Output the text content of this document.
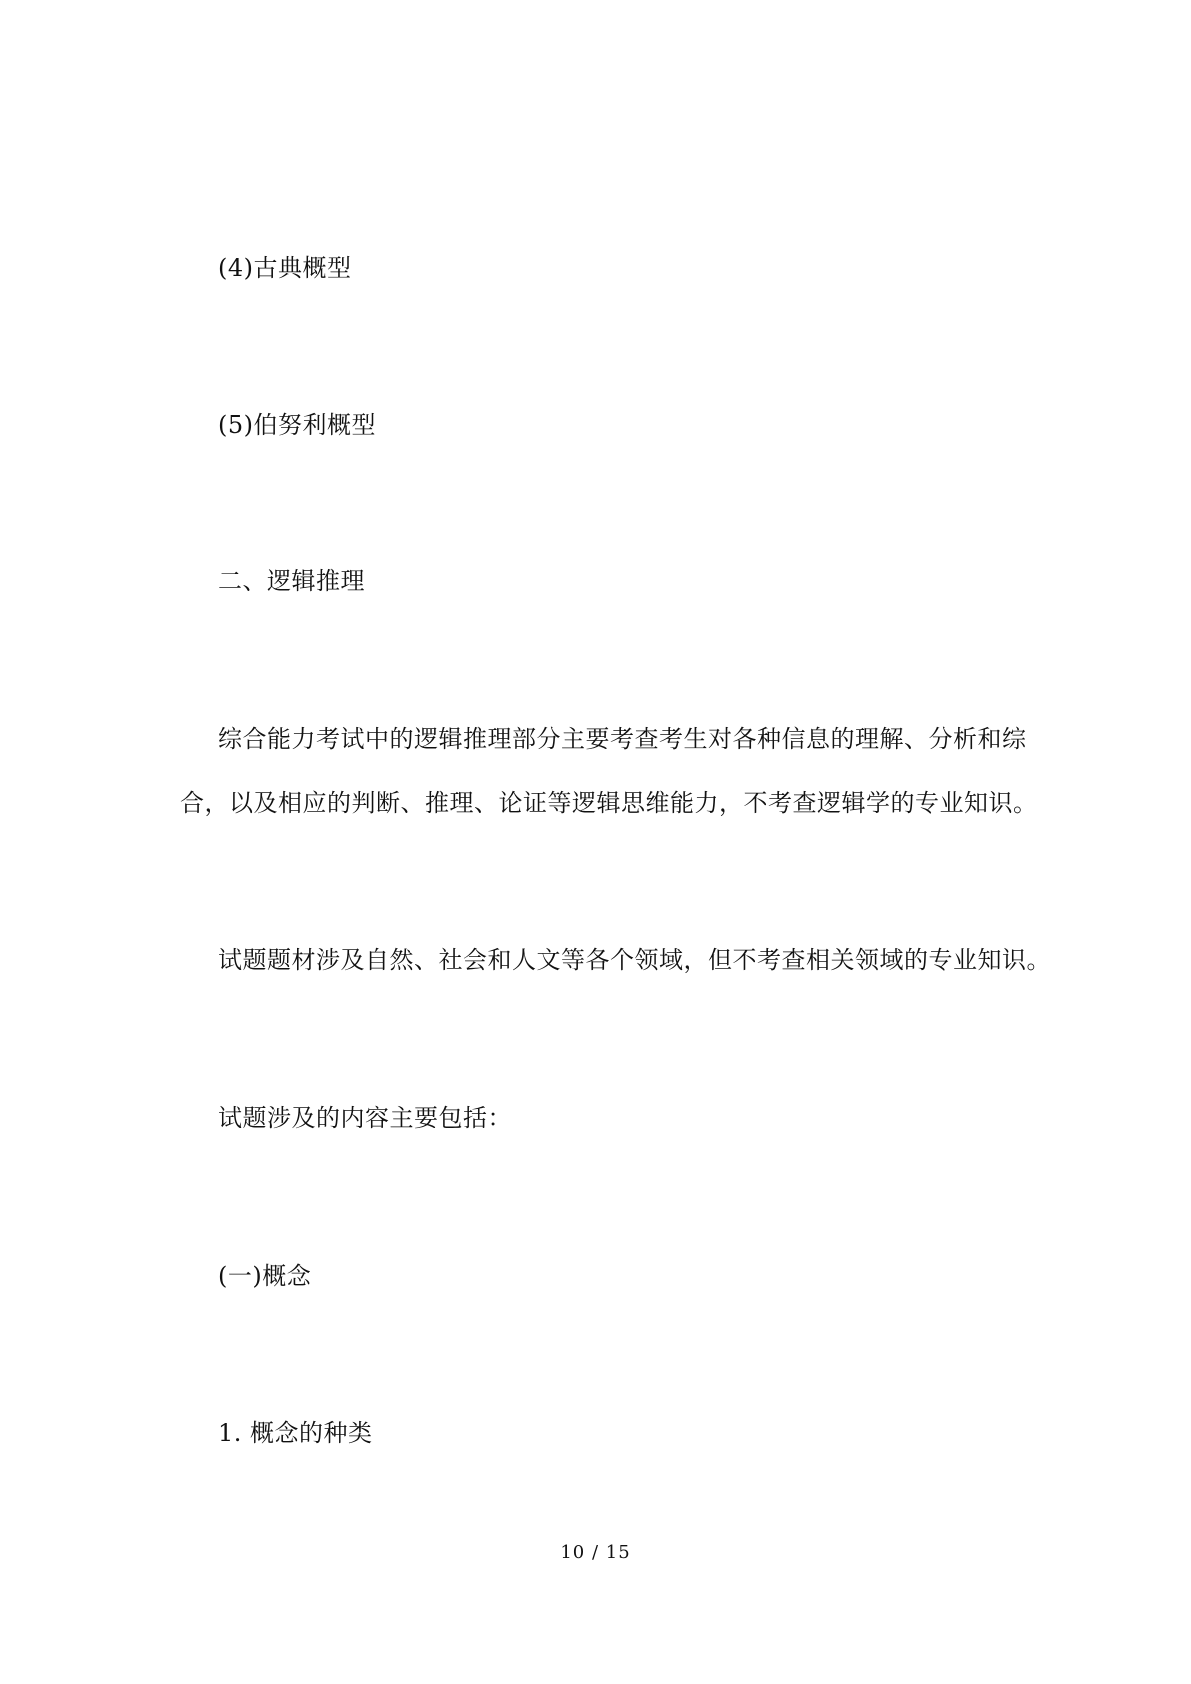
(4)古典概型
(5)伯努利概型
二、逻辑推理
综合能力考试中的逻辑推理部分主要考查考生对各种信息的理解、分析和综
合，以及相应的判断、推理、论证等逻辑思维能力，不考查逻辑学的专业知识。
试题题材涉及自然、社会和人文等各个领域，但不考查相关领域的专业知识。
试题涉及的内容主要包括：
(一)概念
1. 概念的种类
10 / 15
